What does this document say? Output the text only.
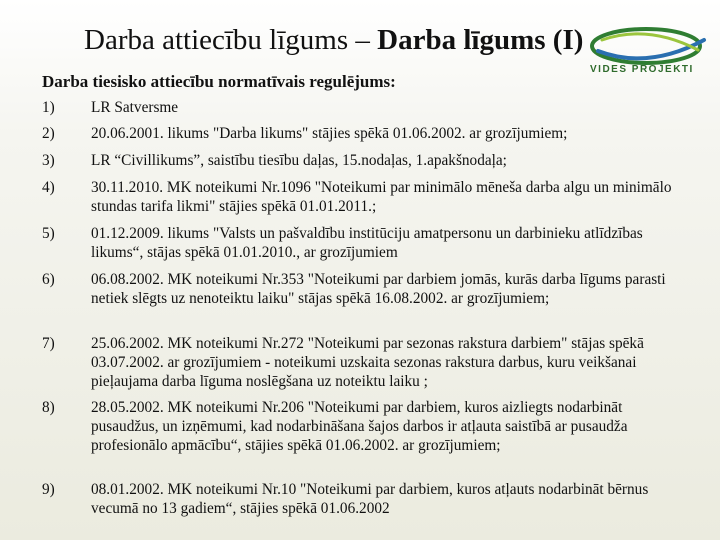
Darba attiecību līgums – Darba līgums (I)
VIDES PROJEKTI
Darba tiesisko attiecību normatīvais regulējums:
1)	LR Satversme
2)	20.06.2001. likums "Darba likums" stājies spēkā 01.06.2002. ar grozījumiem;
3)	LR “Civillikums”, saistību tiesību daļas, 15.nodaļas, 1.apakšnodaļa;
4)	30.11.2010. MK noteikumi Nr.1096 "Noteikumi par minimālo mēneša darba algu un minimālo stundas tarifa likmi" stājies spēkā 01.01.2011.;
5)	01.12.2009. likums "Valsts un pašvaldību institūciju amatpersonu un darbinieku atlīdzības likums“, stājas spēkā 01.01.2010., ar grozījumiem
6)	06.08.2002. MK noteikumi Nr.353 "Noteikumi par darbiem jomās, kurās darba līgums parasti netiek slēgts uz nenoteiktu laiku" stājas spēkā 16.08.2002. ar grozījumiem;
7)	25.06.2002. MK noteikumi Nr.272 "Noteikumi par sezonas rakstura darbiem" stājas spēkā 03.07.2002. ar grozījumiem - noteikumi uzskaita sezonas rakstura darbus, kuru veikšanai pieļaujama darba līguma noslēgšana uz noteiktu laiku ;
8)	28.05.2002. MK noteikumi Nr.206 "Noteikumi par darbiem, kuros aizliegts nodarbināt pusaudžus, un izņēmumi, kad nodarbināšana šajos darbos ir atļauta saistībā ar pusaudža profesionālo apmācību“, stājies spēkā 01.06.2002. ar grozījumiem;
9)	08.01.2002. MK noteikumi Nr.10 "Noteikumi par darbiem, kuros atļauts nodarbināt bērnus vecumā no 13 gadiem“, stājies spēkā 01.06.2002
